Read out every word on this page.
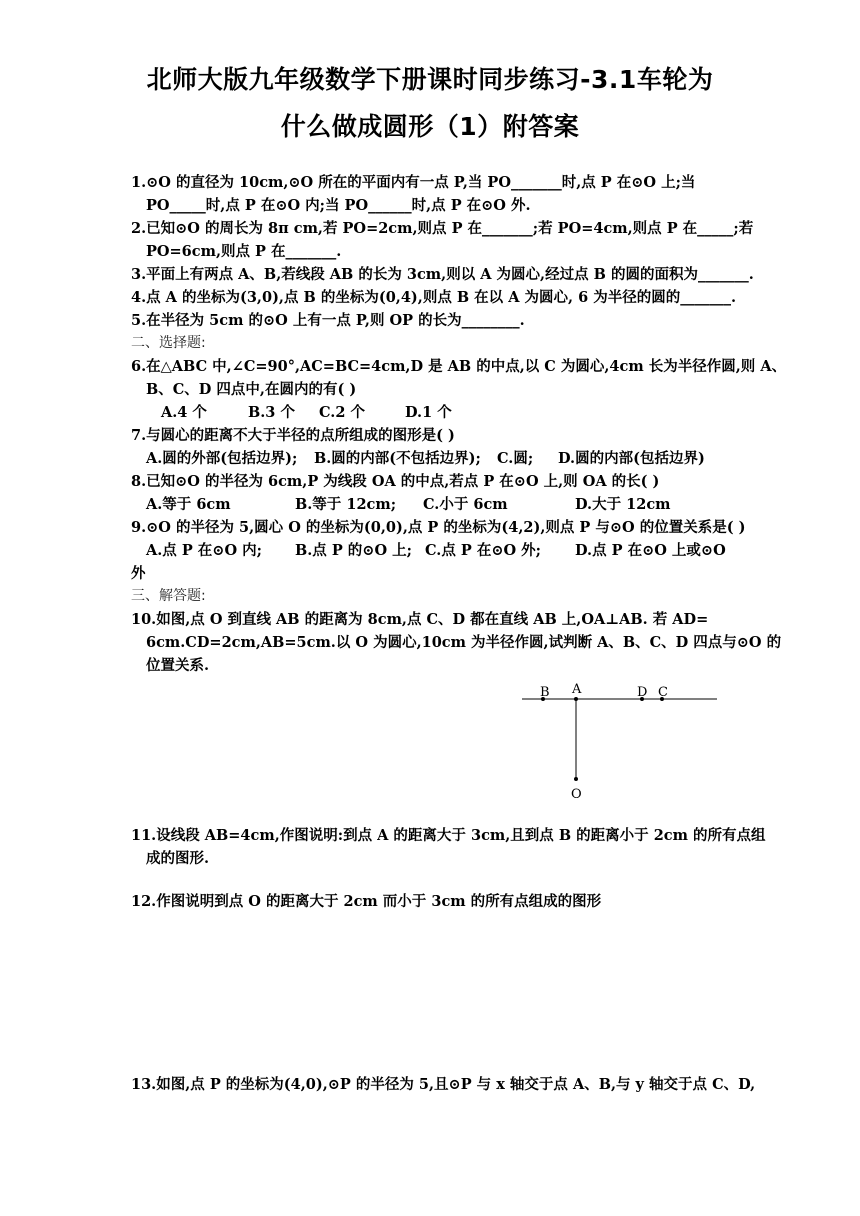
北师大版九年级数学下册课时同步练习-3.1车轮为
什么做成圆形（1）附答案
1.⊙O 的直径为 10cm,⊙O 所在的平面内有一点 P,当 PO_______时,点 P 在⊙O 上;当
PO_____时,点 P 在⊙O 内;当 PO______时,点 P 在⊙O 外.
2.已知⊙O 的周长为 8π cm,若 PO=2cm,则点 P 在_______;若 PO=4cm,则点 P 在_____;若
PO=6cm,则点 P 在_______.
3.平面上有两点 A、B,若线段 AB 的长为 3cm,则以 A 为圆心,经过点 B 的圆的面积为_______.
4.点 A 的坐标为(3,0),点 B 的坐标为(0,4),则点 B 在以 A 为圆心, 6 为半径的圆的_______.
5.在半径为 5cm 的⊙O 上有一点 P,则 OP 的长为________.
二、选择题:
6.在△ABC 中,∠C=90°,AC=BC=4cm,D 是 AB 的中点,以 C 为圆心,4cm 长为半径作圆,则 A、
B、C、D 四点中,在圆内的有( )
A.4 个	B.3 个 C.2 个	D.1 个
7.与圆心的距离不大于半径的点所组成的图形是( )
A.圆的外部(包括边界); B.圆的内部(不包括边界); C.圆; D.圆的内部(包括边界)
8.已知⊙O 的半径为 6cm,P 为线段 OA 的中点,若点 P 在⊙O 上,则 OA 的长( )
A.等于 6cm	B.等于 12cm; C.小于 6cm	D.大于 12cm
9.⊙O 的半径为 5,圆心 O 的坐标为(0,0),点 P 的坐标为(4,2),则点 P 与⊙O 的位置关系是( )
A.点 P 在⊙O 内; B.点 P 的⊙O 上; C.点 P 在⊙O 外; D.点 P 在⊙O 上或⊙O
外
三、解答题:
10.如图,点 O 到直线 AB 的距离为 8cm,点 C、D 都在直线 AB 上,OA⊥AB. 若 AD=
6cm.CD=2cm,AB=5cm.以 O 为圆心,10cm 为半径作圆,试判断 A、B、C、D 四点与⊙O 的
位置关系.
B A	D C
O
11.设线段 AB=4cm,作图说明:到点 A 的距离大于 3cm,且到点 B 的距离小于 2cm 的所有点组
成的图形.
12.作图说明到点 O 的距离大于 2cm 而小于 3cm 的所有点组成的图形
13.如图,点 P 的坐标为(4,0),⊙P 的半径为 5,且⊙P 与 x 轴交于点 A、B,与 y 轴交于点 C、D,
